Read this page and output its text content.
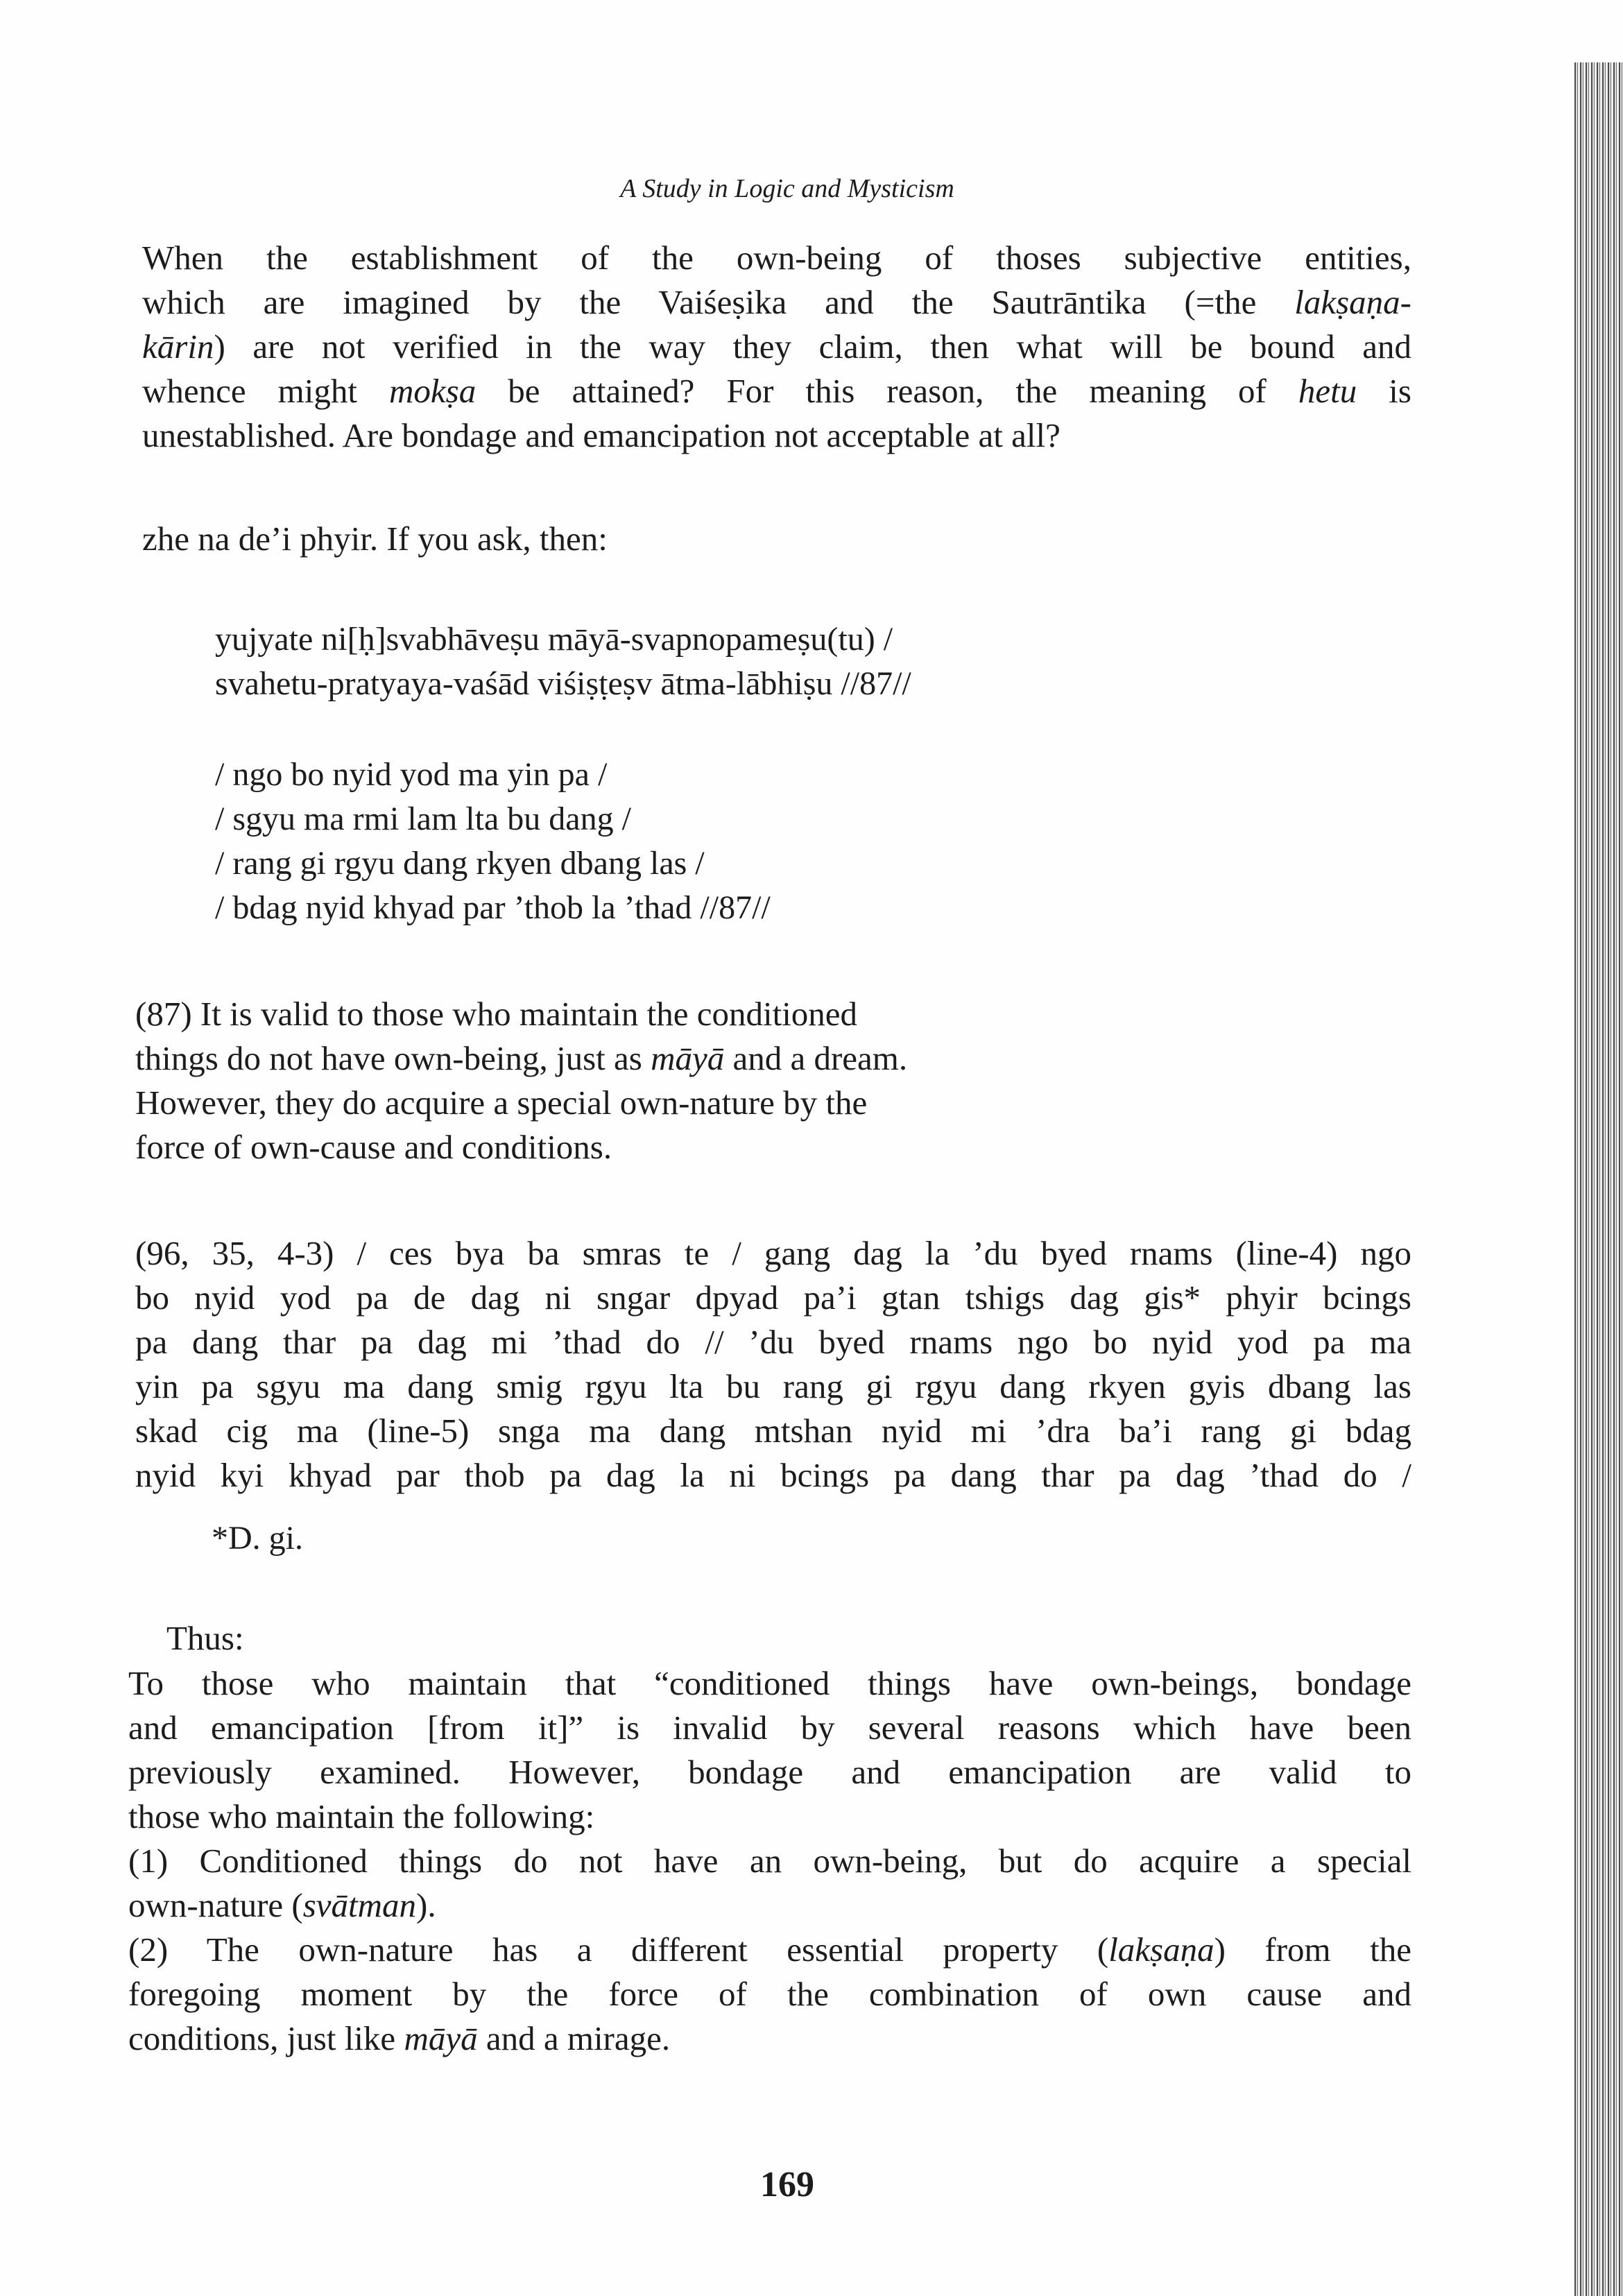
A Study in Logic and Mysticism
When the establishment of the own-being of thoses subjective entities,
which are imagined by the Vaiśeṣika and the Sautrāntika (=the lakṣaṇa-
kārin) are not verified in the way they claim, then what will be bound and
whence might mokṣa be attained? For this reason, the meaning of hetu is
unestablished. Are bondage and emancipation not acceptable at all?
zhe na de’i phyir. If you ask, then:
yujyate ni[ḥ]svabhāveṣu māyā-svapnopameṣu(tu) /
svahetu-pratyaya-vaśād viśiṣṭeṣv ātma-lābhiṣu //87//
/ ngo bo nyid yod ma yin pa /
/ sgyu ma rmi lam lta bu dang /
/ rang gi rgyu dang rkyen dbang las /
/ bdag nyid khyad par ’thob la ’thad //87//
(87) It is valid to those who maintain the conditioned
things do not have own-being, just as māyā and a dream.
However, they do acquire a special own-nature by the
force of own-cause and conditions.
(96, 35, 4-3) / ces bya ba smras te / gang dag la ’du byed rnams (line-4) ngo
bo nyid yod pa de dag ni sngar dpyad pa’i gtan tshigs dag gis* phyir bcings
pa dang thar pa dag mi ’thad do // ’du byed rnams ngo bo nyid yod pa ma
yin pa sgyu ma dang smig rgyu lta bu rang gi rgyu dang rkyen gyis dbang las
skad cig ma (line-5) snga ma dang mtshan nyid mi ’dra ba’i rang gi bdag
nyid kyi khyad par thob pa dag la ni bcings pa dang thar pa dag ’thad do /
*D. gi.
Thus:
To those who maintain that “conditioned things have own-beings, bondage
and emancipation [from it]” is invalid by several reasons which have been
previously examined. However, bondage and emancipation are valid to
those who maintain the following:
(1) Conditioned things do not have an own-being, but do acquire a special
own-nature (svātman).
(2) The own-nature has a different essential property (lakṣaṇa) from the
foregoing moment by the force of the combination of own cause and
conditions, just like māyā and a mirage.
169
